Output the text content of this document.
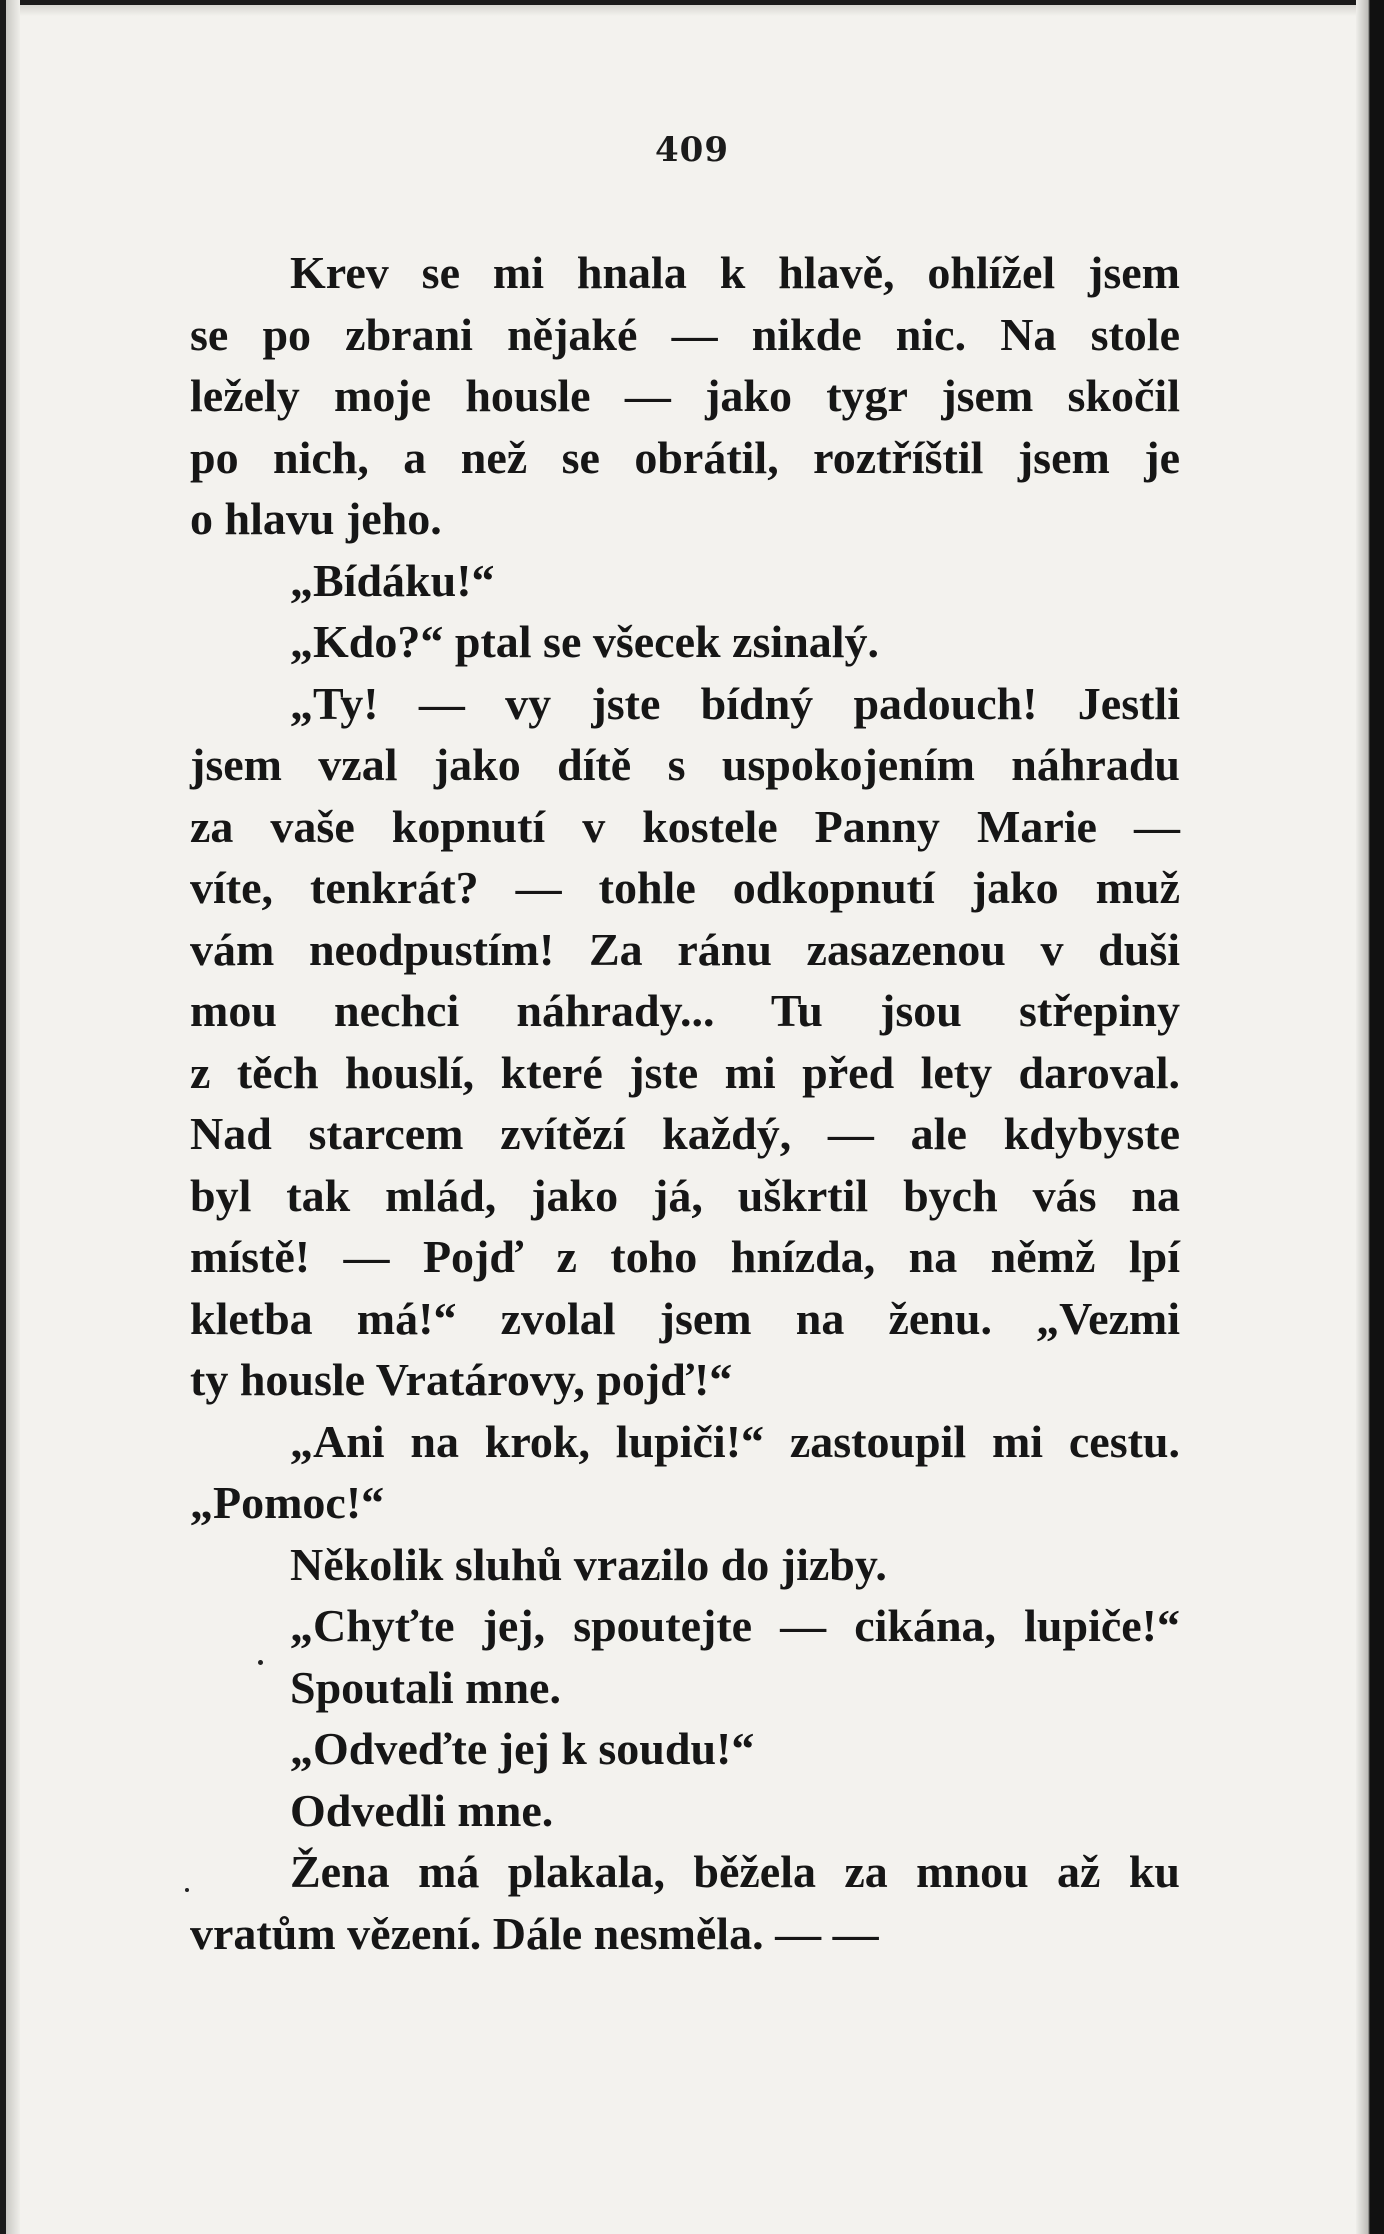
409
Krev se mi hnala k hlavě, ohlížel jsem
se po zbrani nějaké — nikde nic. Na stole
ležely moje housle — jako tygr jsem skočil
po nich, a než se obrátil, roztříštil jsem je
o hlavu jeho.
„Bídáku!“
„Kdo?“ ptal se všecek zsinalý.
„Ty! — vy jste bídný padouch! Jestli
jsem vzal jako dítě s uspokojením náhradu
za vaše kopnutí v kostele Panny Marie —
víte, tenkrát? — tohle odkopnutí jako muž
vám neodpustím! Za ránu zasazenou v duši
mou nechci náhrady... Tu jsou střepiny
z těch houslí, které jste mi před lety daroval.
Nad starcem zvítězí každý, — ale kdybyste
byl tak mlád, jako já, uškrtil bych vás na
místě! — Pojď z toho hnízda, na němž lpí
kletba má!“ zvolal jsem na ženu. „Vezmi
ty housle Vratárovy, pojď!“
„Ani na krok, lupiči!“ zastoupil mi cestu.
„Pomoc!“
Několik sluhů vrazilo do jizby.
„Chyťte jej, spoutejte — cikána, lupiče!“
Spoutali mne.
„Odveďte jej k soudu!“
Odvedli mne.
Žena má plakala, běžela za mnou až ku
vratům vězení. Dále nesměla. — —
